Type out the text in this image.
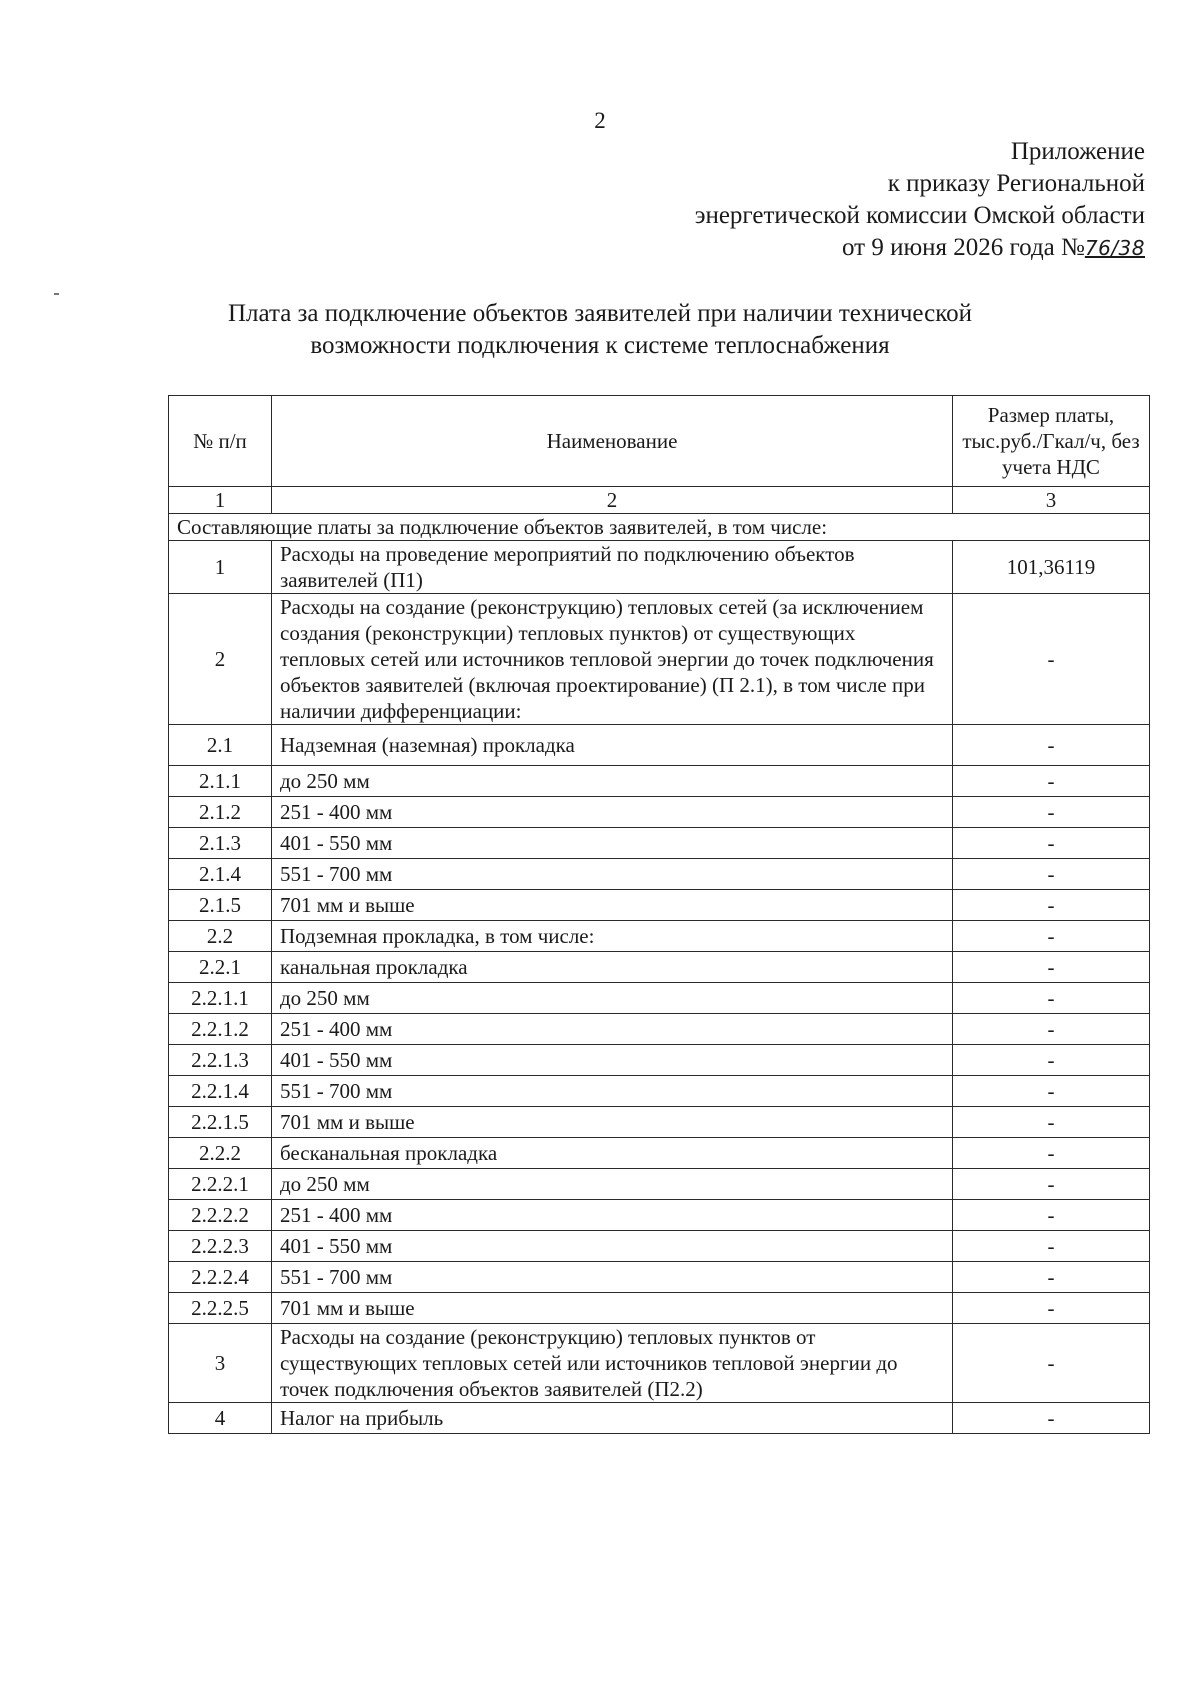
2
Приложение
к приказу Региональной
энергетической комиссии Омской области
от 9 июня 2026 года №76/38
Плата за подключение объектов заявителей при наличии технической
возможности подключения к системе теплоснабжения
№ п/п	Наименование	Размер платы, тыс.руб./Гкал/ч, без учета НДС
1	2	3
Составляющие платы за подключение объектов заявителей, в том числе:		
1	Расходы на проведение мероприятий по подключению объектов заявителей (П1)	101,36119
2	Расходы на создание (реконструкцию) тепловых сетей (за исключением создания (реконструкции) тепловых пунктов) от существующих тепловых сетей или источников тепловой энергии до точек подключения объектов заявителей (включая проектирование) (П 2.1), в том числе при наличии дифференциации:	-
2.1	Надземная (наземная) прокладка	-
2.1.1	до 250 мм	-
2.1.2	251 - 400 мм	-
2.1.3	401 - 550 мм	-
2.1.4	551 - 700 мм	-
2.1.5	701 мм и выше	-
2.2	Подземная прокладка, в том числе:	-
2.2.1	канальная прокладка	-
2.2.1.1	до 250 мм	-
2.2.1.2	251 - 400 мм	-
2.2.1.3	401 - 550 мм	-
2.2.1.4	551 - 700 мм	-
2.2.1.5	701 мм и выше	-
2.2.2	бесканальная прокладка	-
2.2.2.1	до 250 мм	-
2.2.2.2	251 - 400 мм	-
2.2.2.3	401 - 550 мм	-
2.2.2.4	551 - 700 мм	-
2.2.2.5	701 мм и выше	-
3	Расходы на создание (реконструкцию) тепловых пунктов от существующих тепловых сетей или источников тепловой энергии до точек подключения объектов заявителей (П2.2)	-
4	Налог на прибыль	-
